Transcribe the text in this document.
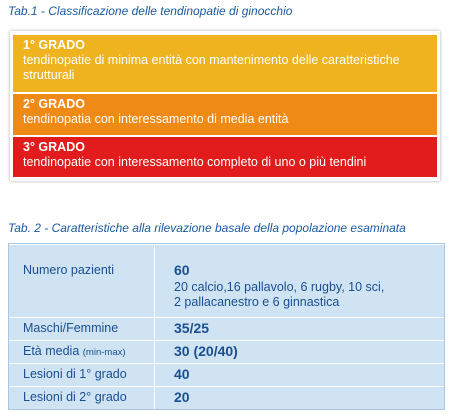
Tab.1 - Classificazione delle tendinopatie di ginocchio
1° GRADO
tendinopatie di minima entità con mantenimento delle caratteristiche strutturali
2° GRADO
tendinopatia con interessamento di media entità
3° GRADO
tendinopatie con interessamento completo di uno o più tendini
Tab. 2 - Caratteristiche alla rilevazione basale della popolazione esaminata
Numero pazienti	60
20 calcio,16 pallavolo, 6 rugby, 10 sci,
2 pallacanestro e 6 ginnastica
Maschi/Femmine	35/25
Età media (min-max)	30 (20/40)
Lesioni di 1° grado	40
Lesioni di 2° grado	20
